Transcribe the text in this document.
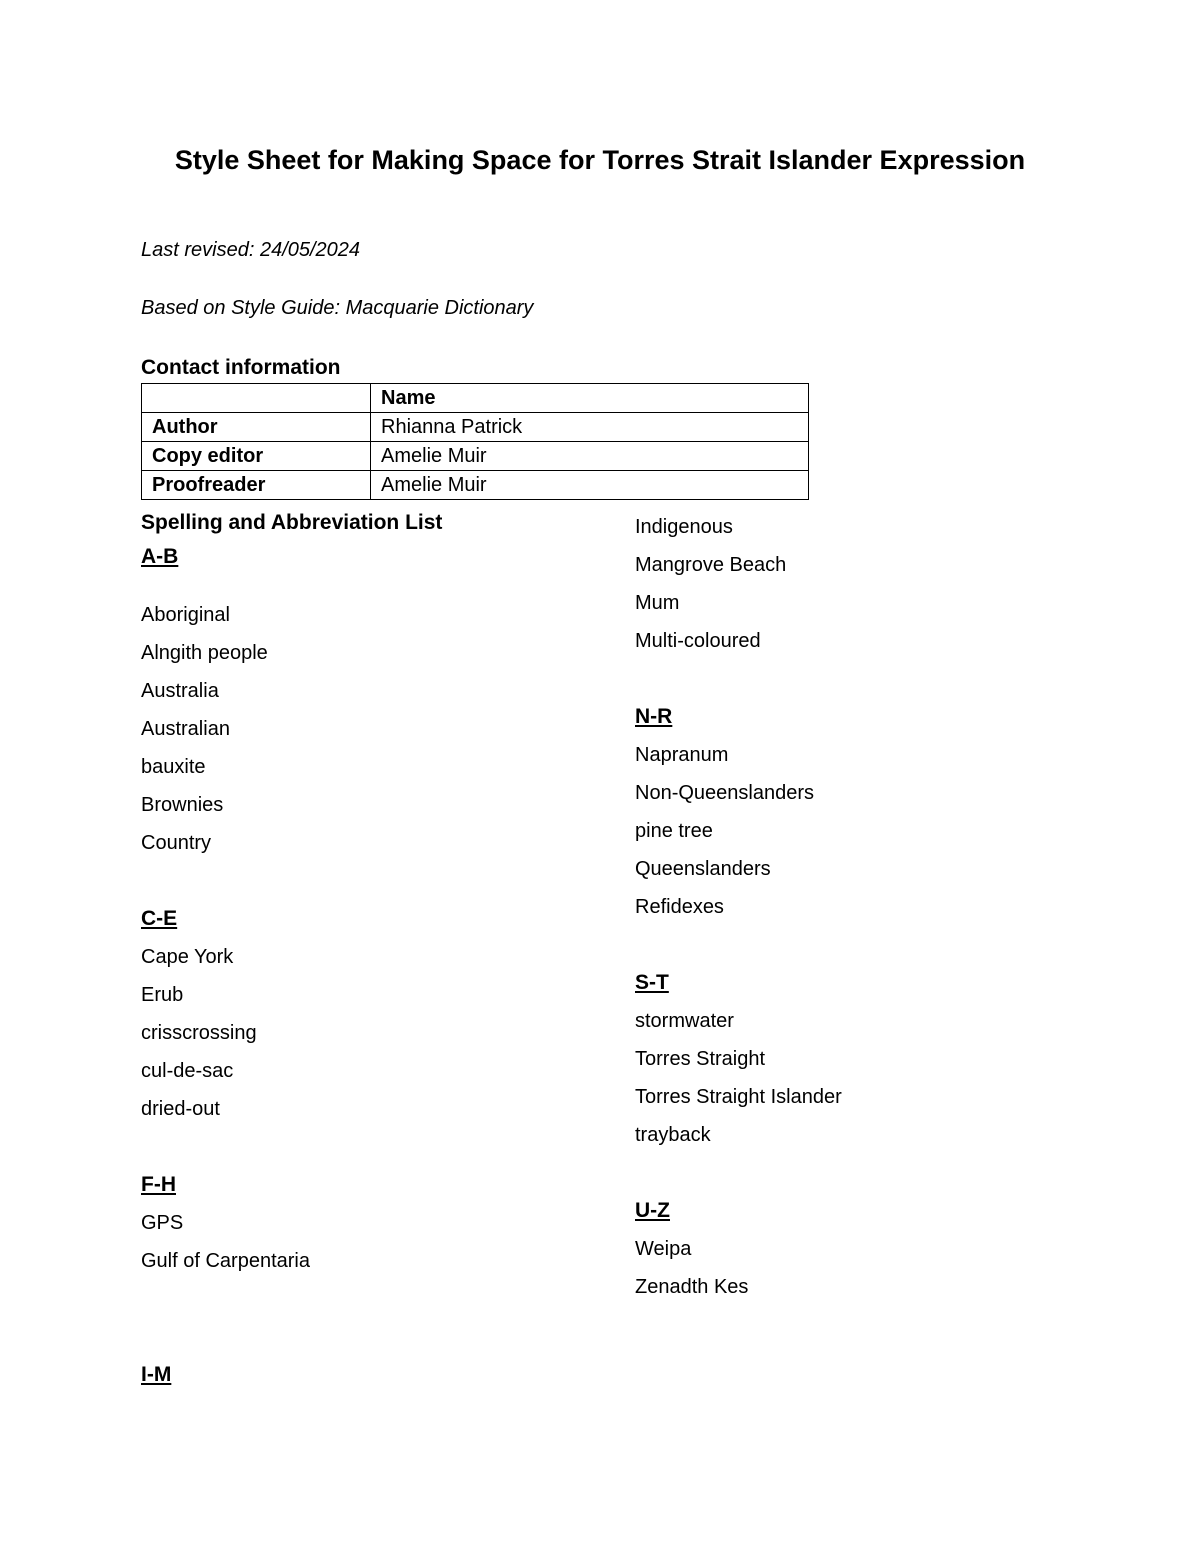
Style Sheet for Making Space for Torres Strait Islander Expression

Last revised: 24/05/2024

Based on Style Guide: Macquarie Dictionary

Contact information

	Name
Author	Rhianna Patrick
Copy editor	Amelie Muir
Proofreader	Amelie Muir
Spelling and Abbreviation List
A-B
Aboriginal
Alngith people
Australia
Australian
bauxite
Brownies
Country
C-E
Cape York
Erub
crisscrossing
cul-de-sac
dried-out
F-H
GPS
Gulf of Carpentaria
I-M
Indigenous
Mangrove Beach
Mum
Multi-coloured
N-R
Napranum
Non-Queenslanders
pine tree
Queenslanders
Refidexes
S-T
stormwater
Torres Straight
Torres Straight Islander
trayback
U-Z
Weipa
Zenadth Kes
